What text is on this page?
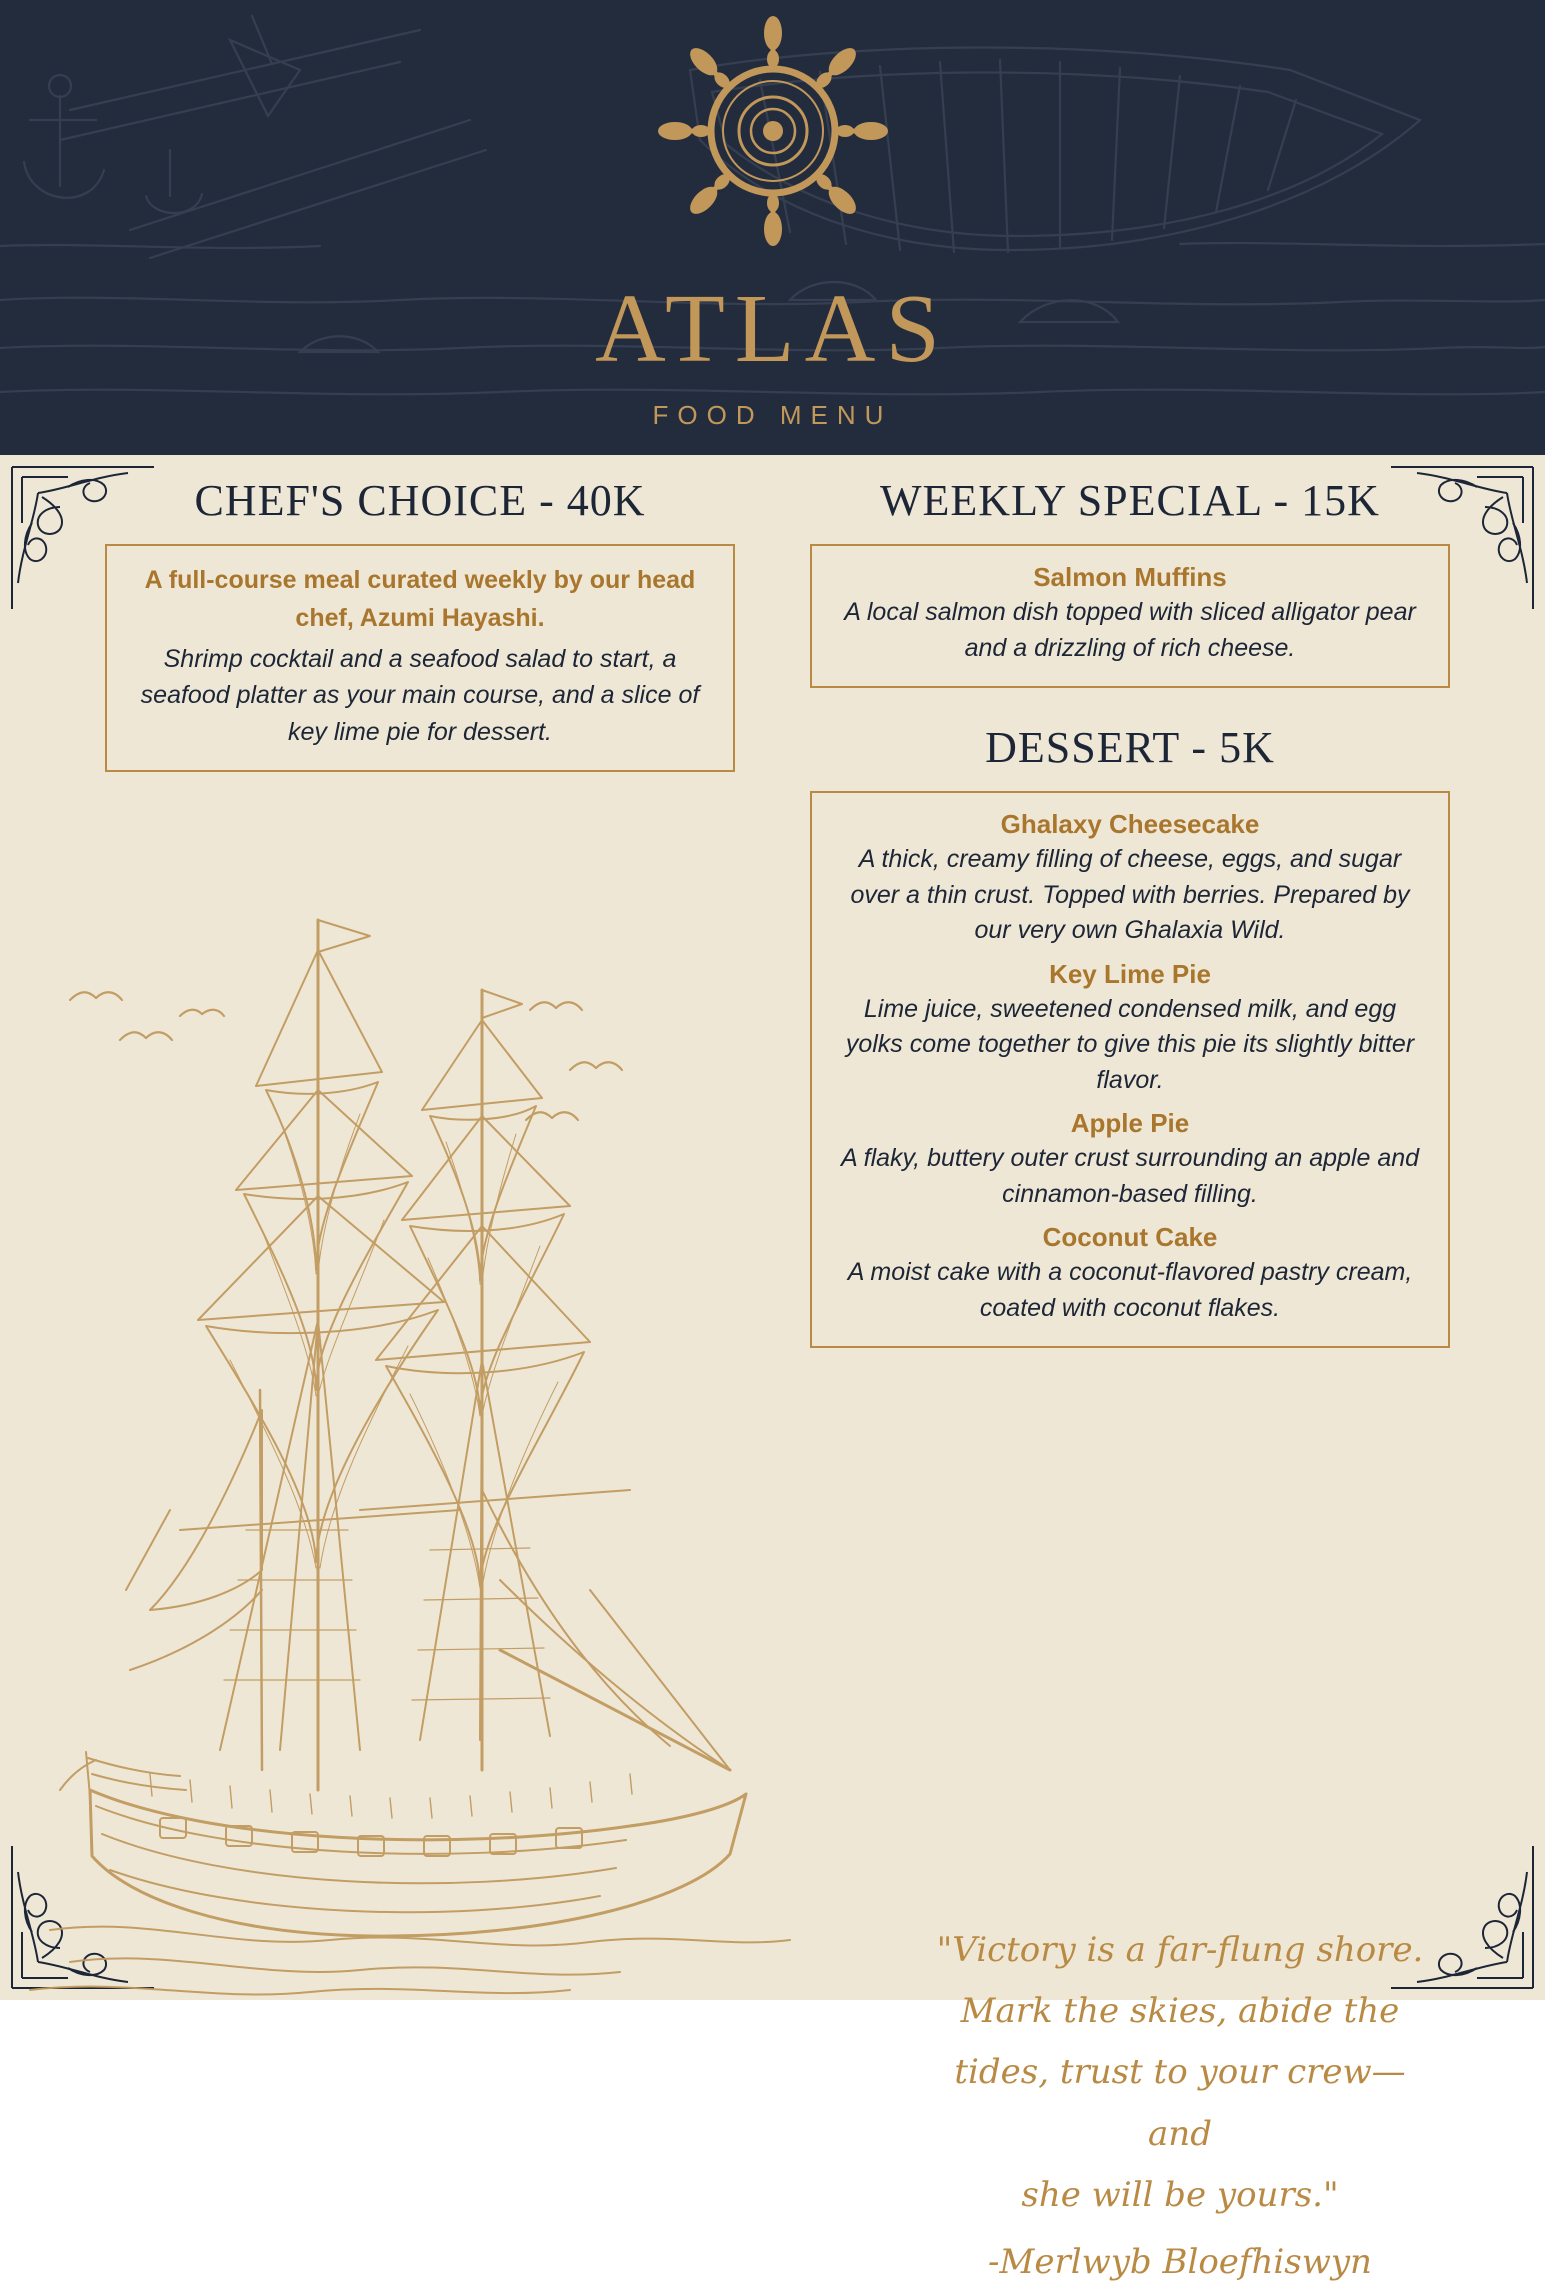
ATLAS
FOOD MENU
CHEF'S CHOICE - 40K

A full-course meal curated weekly by our head chef, Azumi Hayashi.

Shrimp cocktail and a seafood salad to start, a seafood platter as your main course, and a slice of key lime pie for dessert.

WEEKLY SPECIAL - 15K

Salmon Muffins

A local salmon dish topped with sliced alligator pear and a drizzling of rich cheese.

DESSERT - 5K

Ghalaxy Cheesecake

A thick, creamy filling of cheese, eggs, and sugar over a thin crust. Topped with berries. Prepared by our very own Ghalaxia Wild.

Key Lime Pie

Lime juice, sweetened condensed milk, and egg yolks come together to give this pie its slightly bitter flavor.

Apple Pie

A flaky, buttery outer crust surrounding an apple and cinnamon-based filling.

Coconut Cake

A moist cake with a coconut-flavored pastry cream, coated with coconut flakes.

"Victory is a far-flung shore.
Mark the skies, abide the
tides, trust to your crew—and
she will be yours."
-Merlwyb Bloefhiswyn
